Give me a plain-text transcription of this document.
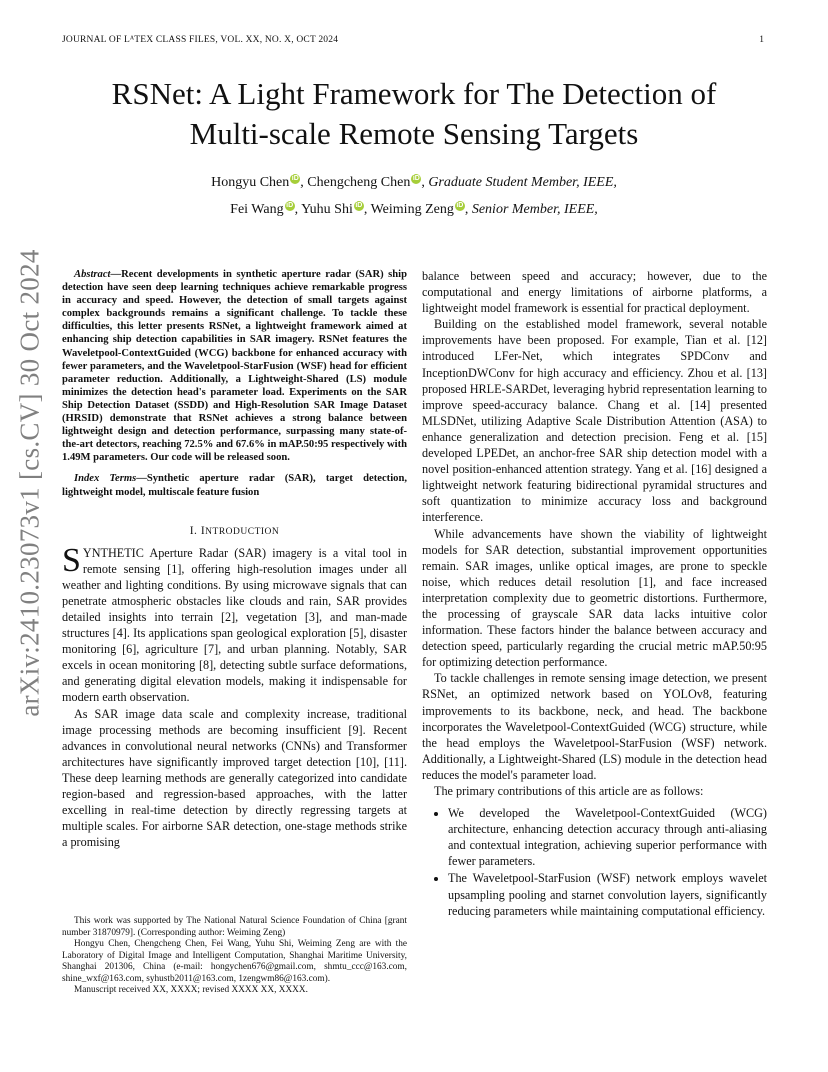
JOURNAL OF LᴬTEX CLASS FILES, VOL. XX, NO. X, OCT 2024	1
arXiv:2410.23073v1 [cs.CV] 30 Oct 2024
RSNet: A Light Framework for The Detection of
Multi-scale Remote Sensing Targets
Hongyu Chen iD , Chengcheng Chen iD , Graduate Student Member, IEEE,
Fei Wang iD , Yuhu Shi iD , Weiming Zeng iD , Senior Member, IEEE,

Abstract—Recent developments in synthetic aperture radar (SAR) ship detection have seen deep learning techniques achieve remarkable progress in accuracy and speed. However, the detection of small targets against complex backgrounds remains a significant challenge. To tackle these difficulties, this letter presents RSNet, a lightweight framework aimed at enhancing ship detection capabilities in SAR imagery. RSNet features the Waveletpool-ContextGuided (WCG) backbone for enhanced accuracy with fewer parameters, and the Waveletpool-StarFusion (WSF) head for efficient parameter reduction. Additionally, a Lightweight-Shared (LS) module minimizes the detection head's parameter load. Experiments on the SAR Ship Detection Dataset (SSDD) and High-Resolution SAR Image Dataset (HRSID) demonstrate that RSNet achieves a strong balance between lightweight design and detection performance, surpassing many state-of-the-art detectors, reaching 72.5% and 67.6% in mAP.50:95 respectively with 1.49M parameters. Our code will be released soon.

Index Terms—Synthetic aperture radar (SAR), target detection, lightweight model, multiscale feature fusion

I. INTRODUCTION

SYNTHETIC Aperture Radar (SAR) imagery is a vital tool in remote sensing [1], offering high-resolution images under all weather and lighting conditions. By using microwave signals that can penetrate atmospheric obstacles like clouds and rain, SAR provides detailed insights into terrain [2], vegetation [3], and man-made structures [4]. Its applications span geological exploration [5], disaster monitoring [6], agriculture [7], and urban planning. Notably, SAR excels in ocean monitoring [8], detecting subtle surface deformations, and generating digital elevation models, making it indispensable for modern earth observation.

As SAR image data scale and complexity increase, traditional image processing methods are becoming insufficient [9]. Recent advances in convolutional neural networks (CNNs) and Transformer architectures have significantly improved target detection [10], [11]. These deep learning methods are generally categorized into candidate region-based and regression-based approaches, with the latter excelling in real-time detection by directly regressing targets at multiple scales. For airborne SAR detection, one-stage methods strike a promising

This work was supported by The National Natural Science Foundation of China [grant number 31870979]. (Corresponding author: Weiming Zeng)

Hongyu Chen, Chengcheng Chen, Fei Wang, Yuhu Shi, Weiming Zeng are with the Laboratory of Digital Image and Intelligent Computation, Shanghai Maritime University, Shanghai 201306, China (e-mail: hongychen676@gmail.com, shmtu_ccc@163.com, shine_wxf@163.com, syhustb2011@163.com, 1zengwm86@163.com).

Manuscript received XX, XXXX; revised XXXX XX, XXXX.

balance between speed and accuracy; however, due to the computational and energy limitations of airborne platforms, a lightweight model framework is essential for practical deployment.

Building on the established model framework, several notable improvements have been proposed. For example, Tian et al. [12] introduced LFer-Net, which integrates SPDConv and InceptionDWConv for high accuracy and efficiency. Zhou et al. [13] proposed HRLE-SARDet, leveraging hybrid representation learning to improve speed-accuracy balance. Chang et al. [14] presented MLSDNet, utilizing Adaptive Scale Distribution Attention (ASA) to enhance generalization and detection precision. Feng et al. [15] developed LPEDet, an anchor-free SAR ship detection model with a novel position-enhanced attention strategy. Yang et al. [16] designed a lightweight network featuring bidirectional pyramidal structures and soft quantization to minimize accuracy loss and background interference.

While advancements have shown the viability of lightweight models for SAR detection, substantial improvement opportunities remain. SAR images, unlike optical images, are prone to speckle noise, which reduces detail resolution [1], and face increased interpretation complexity due to geometric distortions. Furthermore, the processing of grayscale SAR data lacks intuitive color information. These factors hinder the balance between accuracy and detection speed, particularly regarding the crucial metric mAP.50:95 for optimizing detection performance.

To tackle challenges in remote sensing image detection, we present RSNet, an optimized network based on YOLOv8, featuring improvements to its backbone, neck, and head. The backbone incorporates the Waveletpool-ContextGuided (WCG) structure, while the head employs the Waveletpool-StarFusion (WSF) network. Additionally, a Lightweight-Shared (LS) module in the detection head reduces the model's parameter load.

The primary contributions of this article are as follows:

• We developed the Waveletpool-ContextGuided (WCG) architecture, enhancing detection accuracy through anti-aliasing and contextual integration, achieving superior performance with fewer parameters.
• The Waveletpool-StarFusion (WSF) network employs wavelet upsampling pooling and starnet convolution layers, significantly reducing parameters while maintaining computational efficiency.
